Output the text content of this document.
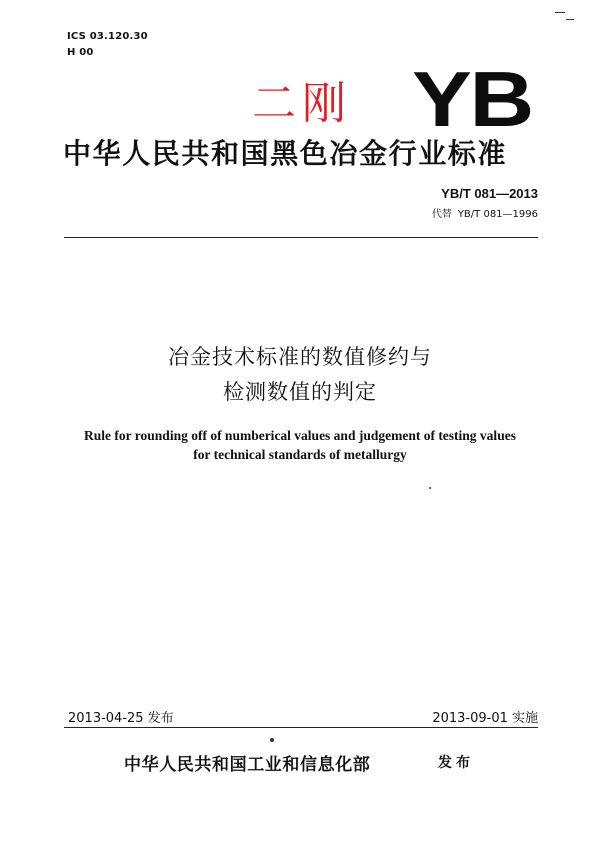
ICS 03.120.30
H 00
二刚 YB
中华人民共和国黑色冶金行业标准
YB/T 081—2013
代替 YB/T 081—1996
冶金技术标准的数值修约与
检测数值的判定
Rule for rounding off of numberical values and judgement of testing values
for technical standards of metallurgy
2013-04-25 发布	2013-09-01 实施
中华人民共和国工业和信息化部	发布
